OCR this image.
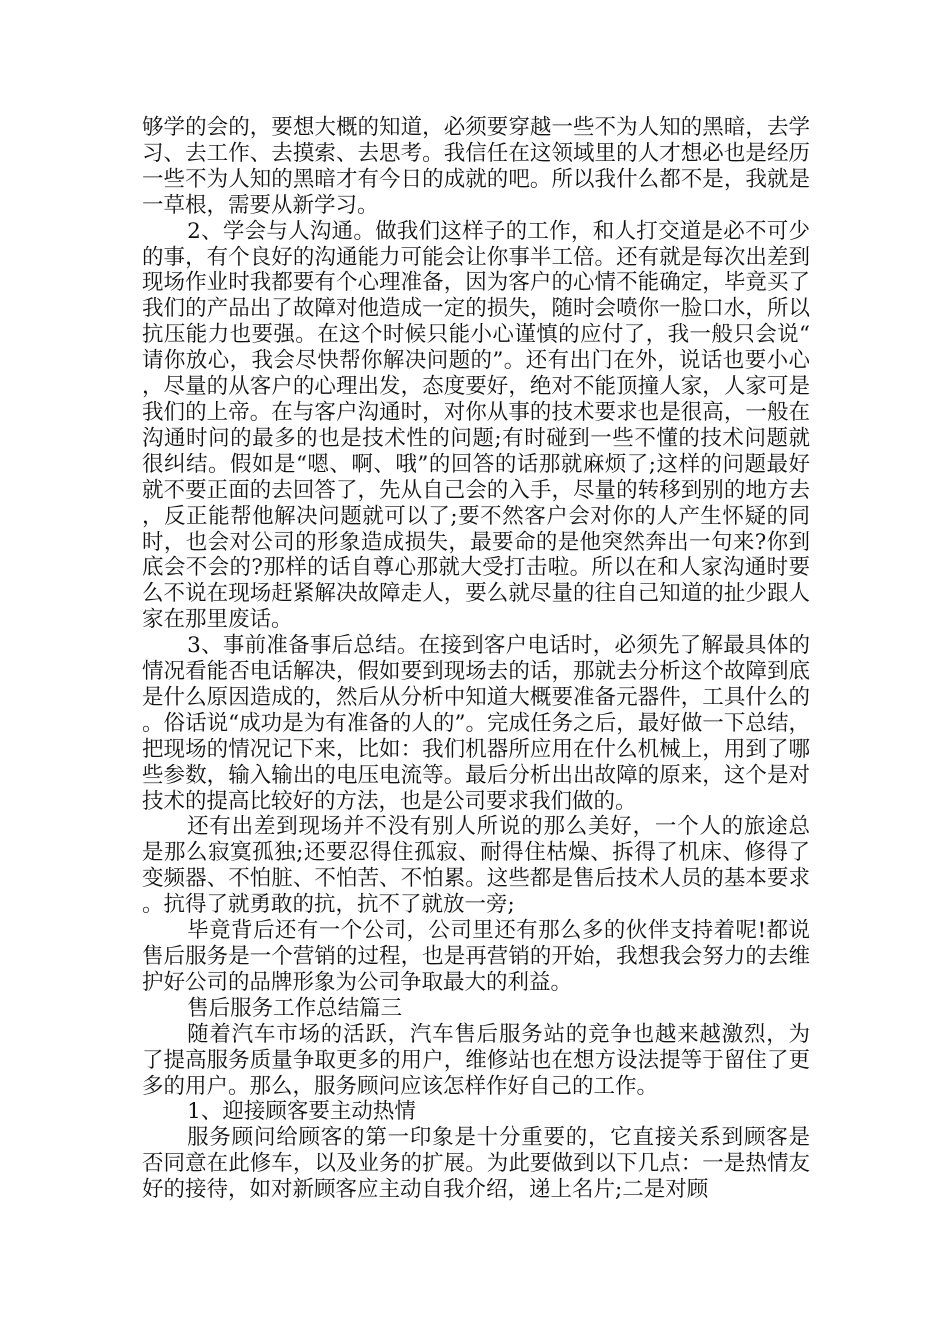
够学的会的，要想大概的知道，必须要穿越一些不为人知的黑暗，去学习、去工作、去摸索、去思考。我信任在这领域里的人才想必也是经历一些不为人知的黑暗才有今日的成就的吧。所以我什么都不是，我就是一草根，需要从新学习。

2、学会与人沟通。做我们这样子的工作，和人打交道是必不可少的事，有个良好的沟通能力可能会让你事半工倍。还有就是每次出差到现场作业时我都要有个心理准备，因为客户的心情不能确定，毕竟买了我们的产品出了故障对他造成一定的损失，随时会喷你一脸口水，所以抗压能力也要强。在这个时候只能小心谨慎的应付了，我一般只会说“请你放心，我会尽快帮你解决问题的”。还有出门在外，说话也要小心，尽量的从客户的心理出发，态度要好，绝对不能顶撞人家，人家可是我们的上帝。在与客户沟通时，对你从事的技术要求也是很高，一般在沟通时问的最多的也是技术性的问题;有时碰到一些不懂的技术问题就很纠结。假如是“嗯、啊、哦”的回答的话那就麻烦了;这样的问题最好就不要正面的去回答了，先从自己会的入手，尽量的转移到别的地方去，反正能帮他解决问题就可以了;要不然客户会对你的人产生怀疑的同时，也会对公司的形象造成损失，最要命的是他突然奔出一句来?你到底会不会的?那样的话自尊心那就大受打击啦。所以在和人家沟通时要么不说在现场赶紧解决故障走人，要么就尽量的往自己知道的扯少跟人家在那里废话。

3、事前准备事后总结。在接到客户电话时，必须先了解最具体的情况看能否电话解决，假如要到现场去的话，那就去分析这个故障到底是什么原因造成的，然后从分析中知道大概要准备元器件，工具什么的。俗话说“成功是为有准备的人的”。完成任务之后，最好做一下总结，把现场的情况记下来，比如：我们机器所应用在什么机械上，用到了哪些参数，输入输出的电压电流等。最后分析出出故障的原来，这个是对技术的提高比较好的方法，也是公司要求我们做的。

还有出差到现场并不没有别人所说的那么美好，一个人的旅途总是那么寂寞孤独;还要忍得住孤寂、耐得住枯燥、拆得了机床、修得了变频器、不怕脏、不怕苦、不怕累。这些都是售后技术人员的基本要求。抗得了就勇敢的抗，抗不了就放一旁;

毕竟背后还有一个公司，公司里还有那么多的伙伴支持着呢!都说售后服务是一个营销的过程，也是再营销的开始，我想我会努力的去维护好公司的品牌形象为公司争取最大的利益。

售后服务工作总结篇三

随着汽车市场的活跃，汽车售后服务站的竞争也越来越激烈，为了提高服务质量争取更多的用户，维修站也在想方设法提等于留住了更多的用户。那么，服务顾问应该怎样作好自己的工作。

1、迎接顾客要主动热情

服务顾问给顾客的第一印象是十分重要的，它直接关系到顾客是否同意在此修车，以及业务的扩展。为此要做到以下几点：一是热情友好的接待，如对新顾客应主动自我介绍，递上名片;二是对顾
